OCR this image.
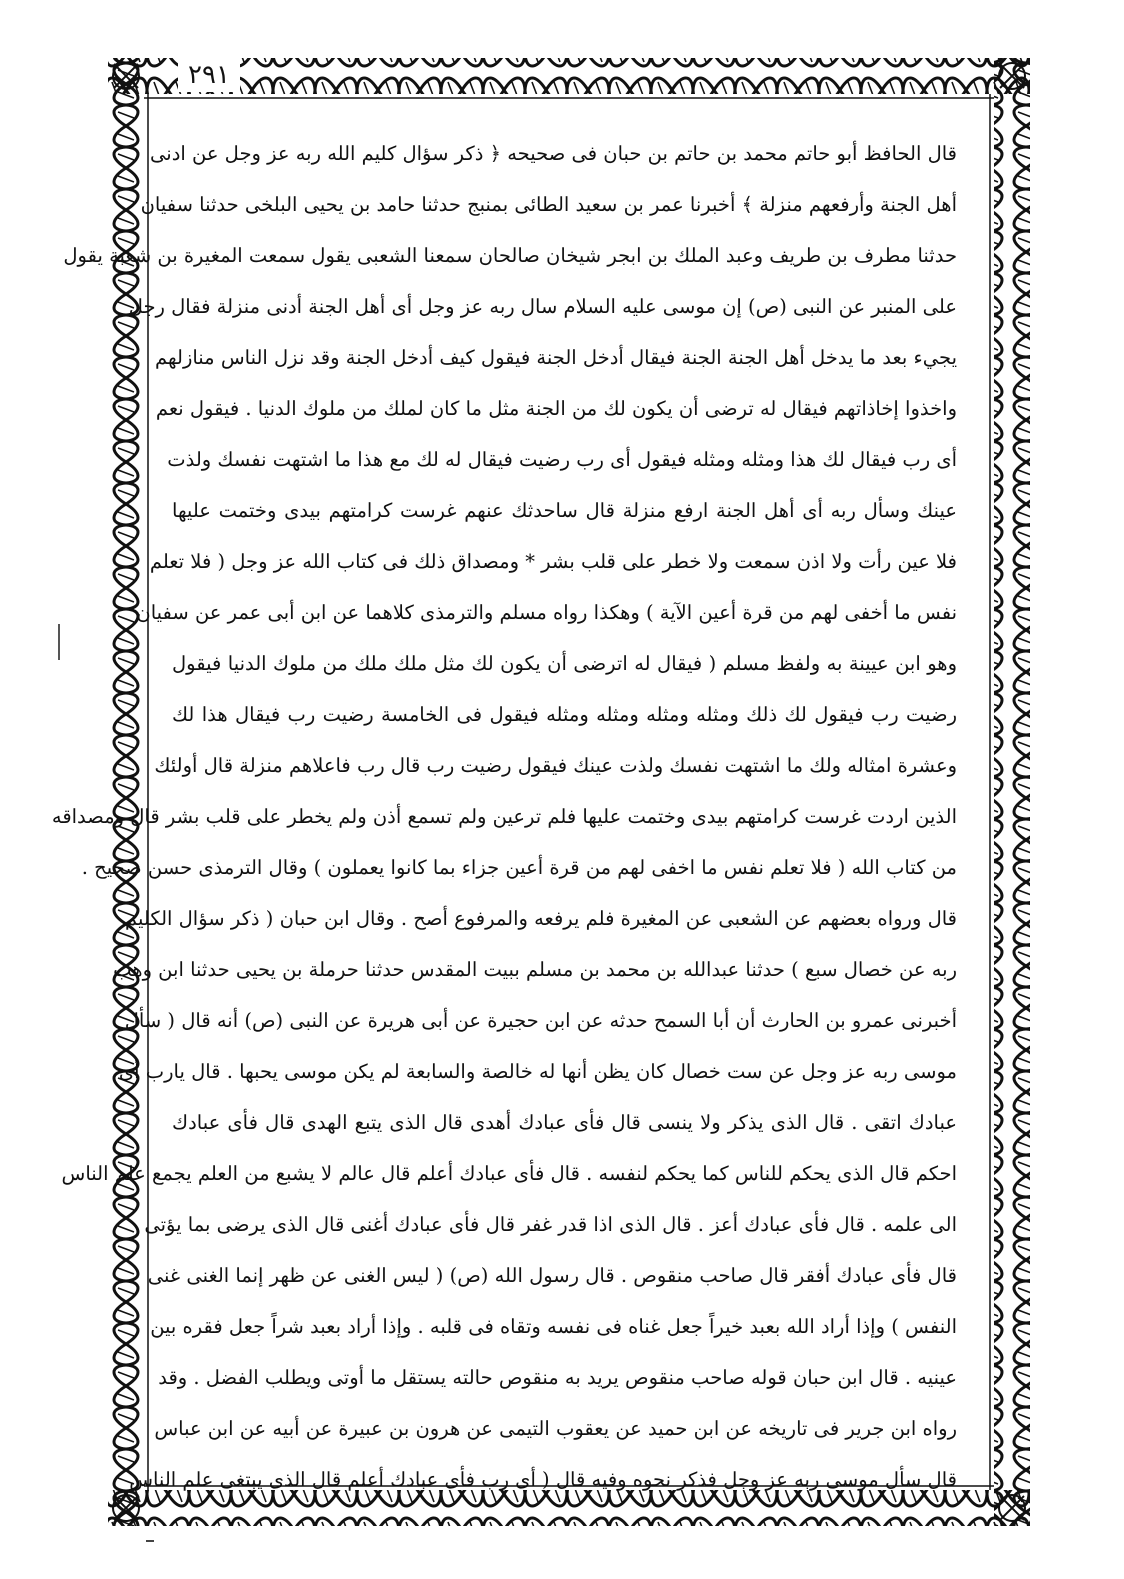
٢٩١
قال الحافظ أبو حاتم محمد بن حاتم بن حبان فى صحيحه ﴿ ذكر سؤال كليم الله ربه عز وجل عن ادنى
أهل الجنة وأرفعهم منزلة ﴾ أخبرنا عمر بن سعيد الطائى بمنبج حدثنا حامد بن يحيى البلخى حدثنا سفيان
حدثنا مطرف بن طريف وعبد الملك بن ابجر شيخان صالحان سمعنا الشعبى يقول سمعت المغيرة بن شعبة يقول
على المنبر عن النبى (ص) إن موسى عليه السلام سال ربه عز وجل أى أهل الجنة أدنى منزلة فقال رجل
يجيء بعد ما يدخل أهل الجنة الجنة فيقال أدخل الجنة فيقول كيف أدخل الجنة وقد نزل الناس منازلهم
واخذوا إخاذاتهم فيقال له ترضى أن يكون لك من الجنة مثل ما كان لملك من ملوك الدنيا . فيقول نعم
أى رب فيقال لك هذا ومثله ومثله فيقول أى رب رضيت فيقال له لك مع هذا ما اشتهت نفسك ولذت
عينك وسأل ربه أى أهل الجنة ارفع منزلة قال ساحدثك عنهم غرست كرامتهم بيدى وختمت عليها
فلا عين رأت ولا اذن سمعت ولا خطر على قلب بشر * ومصداق ذلك فى كتاب الله عز وجل ( فلا تعلم
نفس ما أخفى لهم من قرة أعين الآية ) وهكذا رواه مسلم والترمذى كلاهما عن ابن أبى عمر عن سفيان
وهو ابن عيينة به ولفظ مسلم ( فيقال له اترضى أن يكون لك مثل ملك ملك من ملوك الدنيا فيقول
رضيت رب فيقول لك ذلك ومثله ومثله ومثله ومثله فيقول فى الخامسة رضيت رب فيقال هذا لك
وعشرة امثاله ولك ما اشتهت نفسك ولذت عينك فيقول رضيت رب قال رب فاعلاهم منزلة قال أولئك
الذين اردت غرست كرامتهم بيدى وختمت عليها فلم ترعين ولم تسمع أذن ولم يخطر على قلب بشر قال ومصداقه
من كتاب الله ( فلا تعلم نفس ما اخفى لهم من قرة أعين جزاء بما كانوا يعملون ) وقال الترمذى حسن صحيح .
قال ورواه بعضهم عن الشعبى عن المغيرة فلم يرفعه والمرفوع أصح . وقال ابن حبان ( ذكر سؤال الكليم
ربه عن خصال سبع ) حدثنا عبدالله بن محمد بن مسلم ببيت المقدس حدثنا حرملة بن يحيى حدثنا ابن وهب
أخبرنى عمرو بن الحارث أن أبا السمح حدثه عن ابن حجيرة عن أبى هريرة عن النبى (ص) أنه قال ( سأل
موسى ربه عز وجل عن ست خصال كان يظن أنها له خالصة والسابعة لم يكن موسى يحبها . قال يارب أى
عبادك اتقى . قال الذى يذكر ولا ينسى قال فأى عبادك أهدى قال الذى يتبع الهدى قال فأى عبادك
احكم قال الذى يحكم للناس كما يحكم لنفسه . قال فأى عبادك أعلم قال عالم لا يشبع من العلم يجمع علم الناس
الى علمه . قال فأى عبادك أعز . قال الذى اذا قدر غفر قال فأى عبادك أغنى قال الذى يرضى بما يؤتى
قال فأى عبادك أفقر قال صاحب منقوص . قال رسول الله (ص) ( ليس الغنى عن ظهر إنما الغنى غنى
النفس ) وإذا أراد الله بعبد خيراً جعل غناه فى نفسه وتقاه فى قلبه . وإذا أراد بعبد شراً جعل فقره بين
عينيه . قال ابن حبان قوله صاحب منقوص يريد به منقوص حالته يستقل ما أوتى ويطلب الفضل . وقد
رواه ابن جرير فى تاريخه عن ابن حميد عن يعقوب التيمى عن هرون بن عبيرة عن أبيه عن ابن عباس
قال سأل موسى ربه عز وجل فذكر نحوه وفيه قال ( أى رب فأى عبادك أعلم قال الذى يبتغى علم الناس
